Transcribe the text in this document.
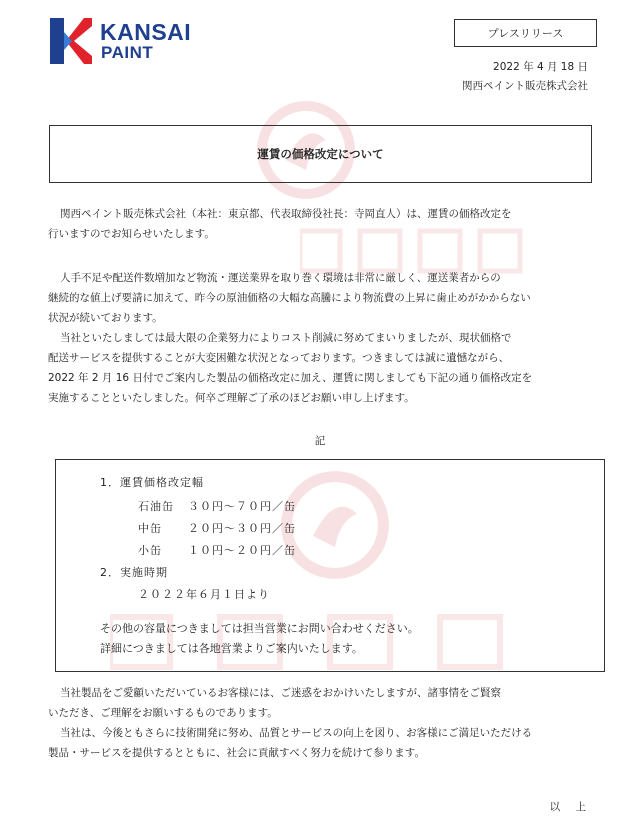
KANSAI
PAINT
プレスリリース
2022 年 4 月 18 日
関西ペイント販売株式会社
運賃の価格改定について
関西ペイント販売株式会社（本社：東京都、代表取締役社長：寺岡直人）は、運賃の価格改定を
行いますのでお知らせいたします。
人手不足や配送件数増加など物流・運送業界を取り巻く環境は非常に厳しく、運送業者からの
継続的な値上げ要請に加えて、昨今の原油価格の大幅な高騰により物流費の上昇に歯止めがかからない
状況が続いております。
当社といたしましては最大限の企業努力によりコスト削減に努めてまいりましたが、現状価格で
配送サービスを提供することが大変困難な状況となっております。つきましては誠に遺憾ながら、
2022 年 2 月 16 日付でご案内した製品の価格改定に加え、運賃に関しましても下記の通り価格改定を
実施することといたしました。何卒ご理解ご了承のほどお願い申し上げます。
記
1．運賃価格改定幅
石油缶 ３０円～７０円／缶
中缶 ２０円～３０円／缶
小缶 １０円～２０円／缶
2．実施時期
２０２２年６月１日より
その他の容量につきましては担当営業にお問い合わせください。
詳細につきましては各地営業よりご案内いたします。
当社製品をご愛顧いただいているお客様には、ご迷惑をおかけいたしますが、諸事情をご賢察
いただき、ご理解をお願いするものであります。
当社は、今後ともさらに技術開発に努め、品質とサービスの向上を図り、お客様にご満足いただける
製品・サービスを提供するとともに、社会に貢献すべく努力を続けて参ります。
以 上
